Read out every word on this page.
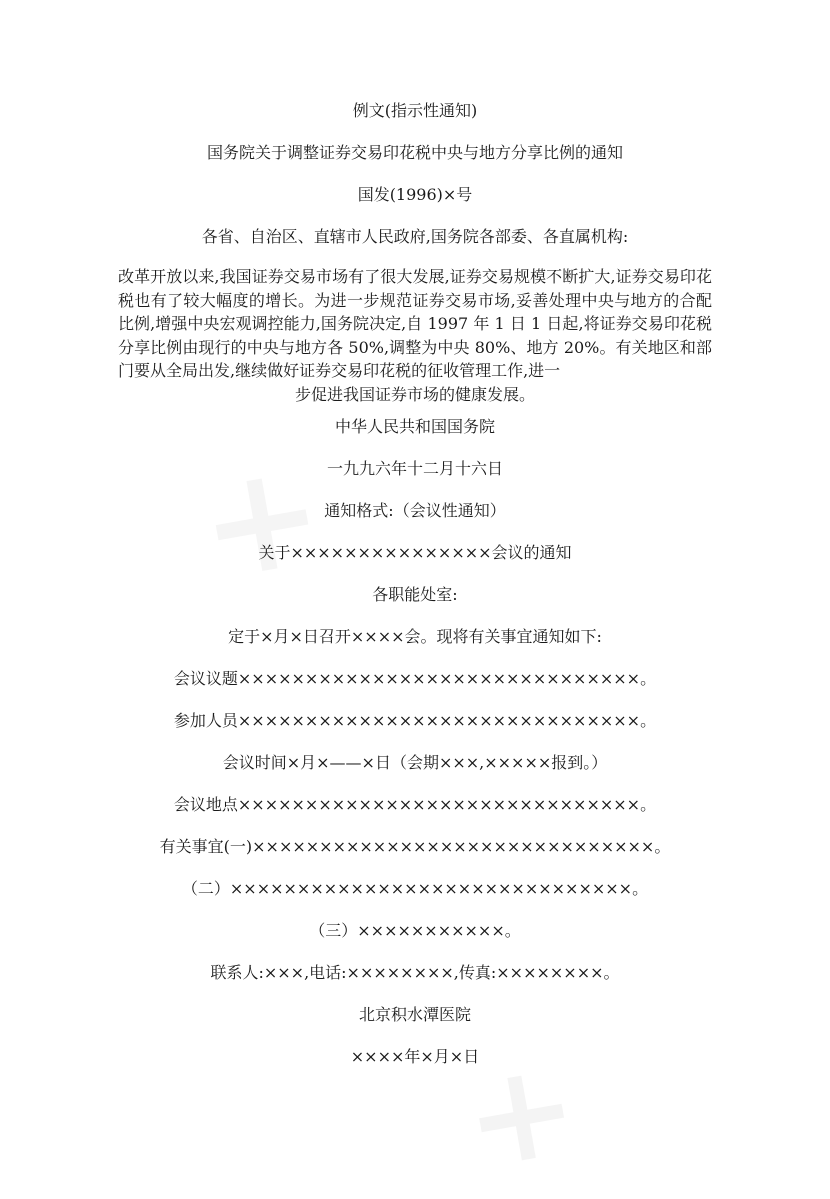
例文(指示性通知)
国务院关于调整证券交易印花税中央与地方分享比例的通知
国发(1996)×号
各省、自治区、直辖市人民政府,国务院各部委、各直属机构:
改革开放以来,我国证券交易市场有了很大发展,证券交易规模不断扩大,证券交易印花税也有了较大幅度的增长。为进一步规范证券交易市场,妥善处理中央与地方的合配比例,增强中央宏观调控能力,国务院决定,自 1997 年 1 日 1 日起,将证券交易印花税分享比例由现行的中央与地方各 50%,调整为中央 80%、地方 20%。有关地区和部门要从全局出发,继续做好证券交易印花税的征收管理工作,进一
步促进我国证券市场的健康发展。
中华人民共和国国务院
一九九六年十二月十六日
通知格式:（会议性通知）
关于×××××××××××××××会议的通知
各职能处室:
定于×月×日召开××××会。现将有关事宜通知如下:
会议议题××××××××××××××××××××××××××××××。
参加人员××××××××××××××××××××××××××××××。
会议时间×月×——×日（会期×××,×××××报到。）
会议地点××××××××××××××××××××××××××××××。
有关事宜(一)××××××××××××××××××××××××××××××。
（二）××××××××××××××××××××××××××××××。
（三）×××××××××××。
联系人:×××,电话:××××××××,传真:××××××××。
北京积水潭医院
××××年×月×日
